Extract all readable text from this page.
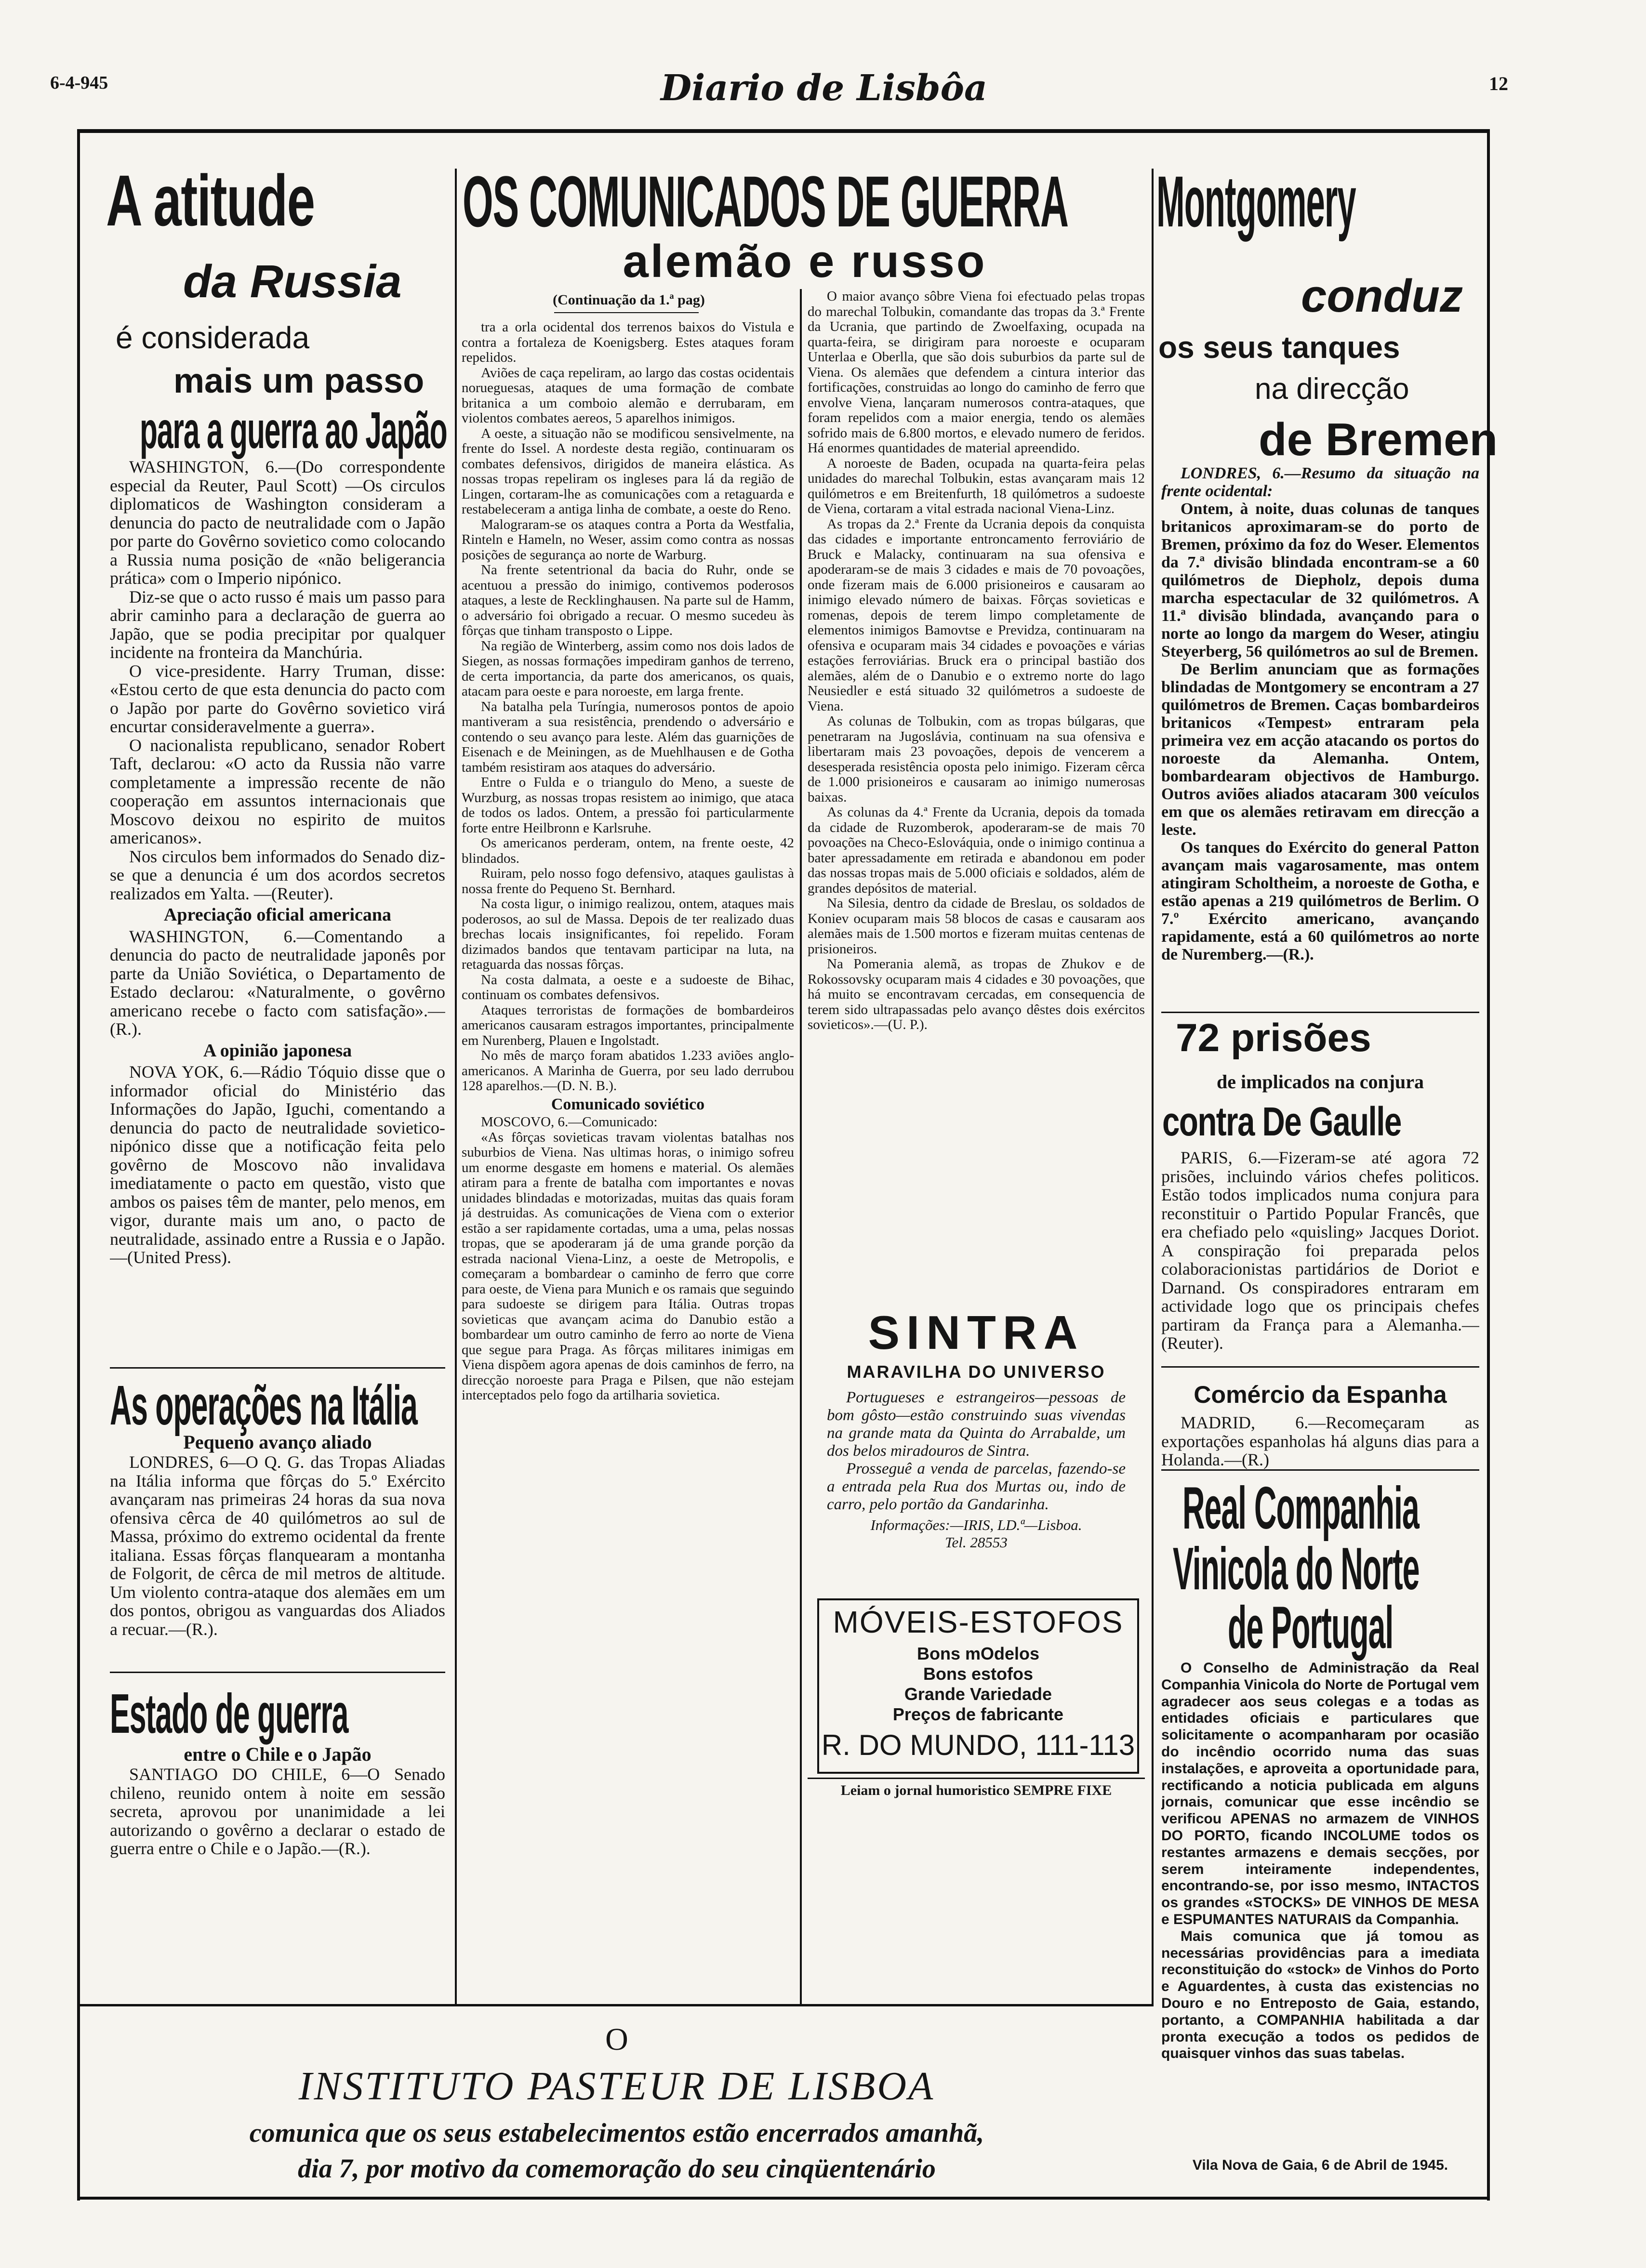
6-4-945	Diario de Lisbôa	12
A atitude
da Russia
é considerada
mais um passo
para a guerra ao Japão

WASHINGTON, 6.—(Do correspondente especial da Reuter, Paul Scott) —Os circulos diplomaticos de Washington consideram a denuncia do pacto de neutralidade com o Japão por parte do Govêrno sovietico como colocando a Russia numa posição de «não beligerancia prática» com o Imperio nipónico.

Diz-se que o acto russo é mais um passo para abrir caminho para a declaração de guerra ao Japão, que se podia precipitar por qualquer incidente na fronteira da Manchúria.

O vice-presidente. Harry Truman, disse: «Estou certo de que esta denuncia do pacto com o Japão por parte do Govêrno sovietico virá encurtar consideravelmente a guerra».

O nacionalista republicano, senador Robert Taft, declarou: «O acto da Russia não varre completamente a impressão recente de não cooperação em assuntos internacionais que Moscovo deixou no espirito de muitos americanos».

Nos circulos bem informados do Senado diz-se que a denuncia é um dos acordos secretos realizados em Yalta. —(Reuter).

Apreciação oficial americana

WASHINGTON, 6.—Comentando a denuncia do pacto de neutralidade japonês por parte da União Soviética, o Departamento de Estado declarou: «Naturalmente, o govêrno americano recebe o facto com satisfação».—(R.).

A opinião japonesa

NOVA YOK, 6.—Rádio Tóquio disse que o informador oficial do Ministério das Informações do Japão, Iguchi, comentando a denuncia do pacto de neutralidade sovietico-nipónico disse que a notificação feita pelo govêrno de Moscovo não invalidava imediatamente o pacto em questão, visto que ambos os paises têm de manter, pelo menos, em vigor, durante mais um ano, o pacto de neutralidade, assinado entre a Russia e o Japão. —(United Press).

As operações na Itália
Pequeno avanço aliado

LONDRES, 6—O Q. G. das Tropas Aliadas na Itália informa que fôrças do 5.º Exército avançaram nas primeiras 24 horas da sua nova ofensiva cêrca de 40 quilómetros ao sul de Massa, próximo do extremo ocidental da frente italiana. Essas fôrças flanquearam a montanha de Folgorit, de cêrca de mil metros de altitude. Um violento contra-ataque dos alemães em um dos pontos, obrigou as vanguardas dos Aliados a recuar.—(R.).

Estado de guerra
entre o Chile e o Japão

SANTIAGO DO CHILE, 6—O Senado chileno, reunido ontem à noite em sessão secreta, aprovou por unanimidade a lei autorizando o govêrno a declarar o estado de guerra entre o Chile e o Japão.—(R.).

OS COMUNICADOS DE GUERRA
alemão e russo
(Continuação da 1.ª pag)

tra a orla ocidental dos terrenos baixos do Vistula e contra a fortaleza de Koenigsberg. Estes ataques foram repelidos.

Aviões de caça repeliram, ao largo das costas ocidentais norueguesas, ataques de uma formação de combate britanica a um comboio alemão e derrubaram, em violentos combates aereos, 5 aparelhos inimigos.

A oeste, a situação não se modificou sensivelmente, na frente do Issel. A nordeste desta região, continuaram os combates defensivos, dirigidos de maneira elástica. As nossas tropas repeliram os ingleses para lá da região de Lingen, cortaram-lhe as comunicações com a retaguarda e restabeleceram a antiga linha de combate, a oeste do Reno.

Malograram-se os ataques contra a Porta da Westfalia, Rinteln e Hameln, no Weser, assim como contra as nossas posições de segurança ao norte de Warburg.

Na frente setentrional da bacia do Ruhr, onde se acentuou a pressão do inimigo, contivemos poderosos ataques, a leste de Recklinghausen. Na parte sul de Hamm, o adversário foi obrigado a recuar. O mesmo sucedeu às fôrças que tinham transposto o Lippe.

Na região de Winterberg, assim como nos dois lados de Siegen, as nossas formações impediram ganhos de terreno, de certa importancia, da parte dos americanos, os quais, atacam para oeste e para noroeste, em larga frente.

Na batalha pela Turíngia, numerosos pontos de apoio mantiveram a sua resistência, prendendo o adversário e contendo o seu avanço para leste. Além das guarnições de Eisenach e de Meiningen, as de Muehlhausen e de Gotha também resistiram aos ataques do adversário.

Entre o Fulda e o triangulo do Meno, a sueste de Wurzburg, as nossas tropas resistem ao inimigo, que ataca de todos os lados. Ontem, a pressão foi particularmente forte entre Heilbronn e Karlsruhe.

Os americanos perderam, ontem, na frente oeste, 42 blindados.

Ruiram, pelo nosso fogo defensivo, ataques gaulistas à nossa frente do Pequeno St. Bernhard.

Na costa ligur, o inimigo realizou, ontem, ataques mais poderosos, ao sul de Massa. Depois de ter realizado duas brechas locais insignificantes, foi repelido. Foram dizimados bandos que tentavam participar na luta, na retaguarda das nossas fôrças.

Na costa dalmata, a oeste e a sudoeste de Bihac, continuam os combates defensivos.

Ataques terroristas de formações de bombardeiros americanos causaram estragos importantes, principalmente em Nurenberg, Plauen e Ingolstadt.

No mês de março foram abatidos 1.233 aviões anglo-americanos. A Marinha de Guerra, por seu lado derrubou 128 aparelhos.—(D. N. B.).

Comunicado soviético

MOSCOVO, 6.—Comunicado:

«As fôrças sovieticas travam violentas batalhas nos suburbios de Viena. Nas ultimas horas, o inimigo sofreu um enorme desgaste em homens e material. Os alemães atiram para a frente de batalha com importantes e novas unidades blindadas e motorizadas, muitas das quais foram já destruidas. As comunicações de Viena com o exterior estão a ser rapidamente cortadas, uma a uma, pelas nossas tropas, que se apoderaram já de uma grande porção da estrada nacional Viena-Linz, a oeste de Metropolis, e começaram a bombardear o caminho de ferro que corre para oeste, de Viena para Munich e os ramais que seguindo para sudoeste se dirigem para Itália. Outras tropas sovieticas que avançam acima do Danubio estão a bombardear um outro caminho de ferro ao norte de Viena que segue para Praga. As fôrças militares inimigas em Viena dispõem agora apenas de dois caminhos de ferro, na direcção noroeste para Praga e Pilsen, que não estejam interceptados pelo fogo da artilharia sovietica.

O maior avanço sôbre Viena foi efectuado pelas tropas do marechal Tolbukin, comandante das tropas da 3.ª Frente da Ucrania, que partindo de Zwoelfaxing, ocupada na quarta-feira, se dirigiram para noroeste e ocuparam Unterlaa e Oberlla, que são dois suburbios da parte sul de Viena. Os alemães que defendem a cintura interior das fortificações, construidas ao longo do caminho de ferro que envolve Viena, lançaram numerosos contra-ataques, que foram repelidos com a maior energia, tendo os alemães sofrido mais de 6.800 mortos, e elevado numero de feridos. Há enormes quantidades de material apreendido.

A noroeste de Baden, ocupada na quarta-feira pelas unidades do marechal Tolbukin, estas avançaram mais 12 quilómetros e em Breitenfurth, 18 quilómetros a sudoeste de Viena, cortaram a vital estrada nacional Viena-Linz.

As tropas da 2.ª Frente da Ucrania depois da conquista das cidades e importante entroncamento ferroviário de Bruck e Malacky, continuaram na sua ofensiva e apoderaram-se de mais 3 cidades e mais de 70 povoações, onde fizeram mais de 6.000 prisioneiros e causaram ao inimigo elevado número de baixas. Fôrças sovieticas e romenas, depois de terem limpo completamente de elementos inimigos Bamovtse e Previdza, continuaram na ofensiva e ocuparam mais 34 cidades e povoações e várias estações ferroviárias. Bruck era o principal bastião dos alemães, além de o Danubio e o extremo norte do lago Neusiedler e está situado 32 quilómetros a sudoeste de Viena.

As colunas de Tolbukin, com as tropas búlgaras, que penetraram na Jugoslávia, continuam na sua ofensiva e libertaram mais 23 povoações, depois de vencerem a desesperada resistência oposta pelo inimigo. Fizeram cêrca de 1.000 prisioneiros e causaram ao inimigo numerosas baixas.

As colunas da 4.ª Frente da Ucrania, depois da tomada da cidade de Ruzomberok, apoderaram-se de mais 70 povoações na Checo-Eslováquia, onde o inimigo continua a bater apressadamente em retirada e abandonou em poder das nossas tropas mais de 5.000 oficiais e soldados, além de grandes depósitos de material.

Na Silesia, dentro da cidade de Breslau, os soldados de Koniev ocuparam mais 58 blocos de casas e causaram aos alemães mais de 1.500 mortos e fizeram muitas centenas de prisioneiros.

Na Pomerania alemã, as tropas de Zhukov e de Rokossovsky ocuparam mais 4 cidades e 30 povoações, que há muito se encontravam cercadas, em consequencia de terem sido ultrapassadas pelo avanço dêstes dois exércitos sovieticos».—(U. P.).

SINTRA
MARAVILHA DO UNIVERSO

Portugueses e estrangeiros—pessoas de bom gôsto—estão construindo suas vivendas na grande mata da Quinta do Arrabalde, um dos belos miradouros de Sintra.

Prosseguê a venda de parcelas, fazendo-se a entrada pela Rua dos Murtas ou, indo de carro, pelo portão da Gandarinha.

Informações:—IRIS, LD.ª—Lisboa. Tel. 28553
MÓVEIS-ESTOFOS
Bons mOdelos
Bons estofos
Grande Variedade
Preços de fabricante
R. DO MUNDO, 111-113
Leiam o jornal humoristico SEMPRE FIXE
Montgomery
conduz
os seus tanques
na direcção
de Bremen

LONDRES, 6.—Resumo da situação na frente ocidental:

Ontem, à noite, duas colunas de tanques britanicos aproximaram-se do porto de Bremen, próximo da foz do Weser. Elementos da 7.ª divisão blindada encontram-se a 60 quilómetros de Diepholz, depois duma marcha espectacular de 32 quilómetros. A 11.ª divisão blindada, avançando para o norte ao longo da margem do Weser, atingiu Steyerberg, 56 quilómetros ao sul de Bremen.

De Berlim anunciam que as formações blindadas de Montgomery se encontram a 27 quilómetros de Bremen. Caças bombardeiros britanicos «Tempest» entraram pela primeira vez em acção atacando os portos do noroeste da Alemanha. Ontem, bombardearam objectivos de Hamburgo. Outros aviões aliados atacaram 300 veículos em que os alemães retiravam em direcção a leste.

Os tanques do Exército do general Patton avançam mais vagarosamente, mas ontem atingiram Scholtheim, a noroeste de Gotha, e estão apenas a 219 quilómetros de Berlim. O 7.º Exército americano, avançando rapidamente, está a 60 quilómetros ao norte de Nuremberg.—(R.).

72 prisões
de implicados na conjura
contra De Gaulle

PARIS, 6.—Fizeram-se até agora 72 prisões, incluindo vários chefes politicos. Estão todos implicados numa conjura para reconstituir o Partido Popular Francês, que era chefiado pelo «quisling» Jacques Doriot. A conspiração foi preparada pelos colaboracionistas partidários de Doriot e Darnand. Os conspiradores entraram em actividade logo que os principais chefes partiram da França para a Alemanha.—(Reuter).

Comércio da Espanha

MADRID, 6.—Recomeçaram as exportações espanholas há alguns dias para a Holanda.—(R.)

Real Companhia
Vinicola do Norte
de Portugal

O Conselho de Administração da Real Companhia Vinicola do Norte de Portugal vem agradecer aos seus colegas e a todas as entidades oficiais e particulares que solicitamente o acompanharam por ocasião do incêndio ocorrido numa das suas instalações, e aproveita a oportunidade para, rectificando a noticia publicada em alguns jornais, comunicar que esse incêndio se verificou APENAS no armazem de VINHOS DO PORTO, ficando INCOLUME todos os restantes armazens e demais secções, por serem inteiramente independentes, encontrando-se, por isso mesmo, INTACTOS os grandes «STOCKS» DE VINHOS DE MESA e ESPUMANTES NATURAIS da Companhia.

Mais comunica que já tomou as necessárias providências para a imediata reconstituição do «stock» de Vinhos do Porto e Aguardentes, à custa das existencias no Douro e no Entreposto de Gaia, estando, portanto, a COMPANHIA habilitada a dar pronta execução a todos os pedidos de quaisquer vinhos das suas tabelas.

Vila Nova de Gaia, 6 de Abril de 1945.
O
INSTITUTO PASTEUR DE LISBOA
comunica que os seus estabelecimentos estão encerrados amanhã,
dia 7, por motivo da comemoração do seu cinqüentenário
